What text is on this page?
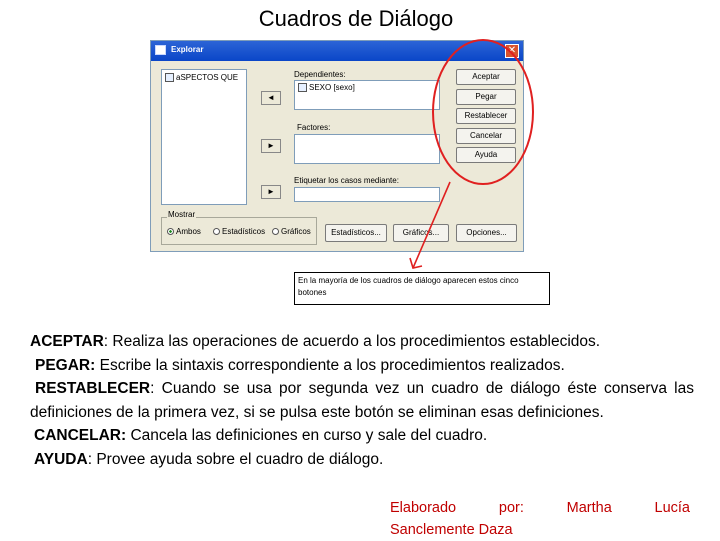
Cuadros de Diálogo
Explorar	✕
aSPECTOS QUE
◄
►
►
Dependientes:
SEXO [sexo]
Factores:
Etiquetar los casos mediante:
Aceptar
Pegar
Restablecer
Cancelar
Ayuda
Mostrar
Ambos	Estadísticos	Gráficos	Estadísticos...	Gráficos...	Opciones...
En la mayoría de los cuadros de diálogo aparecen estos cinco botones

ACEPTAR: Realiza las operaciones de acuerdo a los procedimientos establecidos.

PEGAR: Escribe la sintaxis correspondiente a los procedimientos realizados.

RESTABLECER: Cuando se usa por segunda vez un cuadro de diálogo éste conserva las

definiciones de la primera vez, si se pulsa este botón se eliminan esas definiciones.

CANCELAR: Cancela las definiciones en curso y sale del cuadro.

AYUDA: Provee ayuda sobre el cuadro de diálogo.

Elaborado por: Martha Lucía
Sanclemente Daza
